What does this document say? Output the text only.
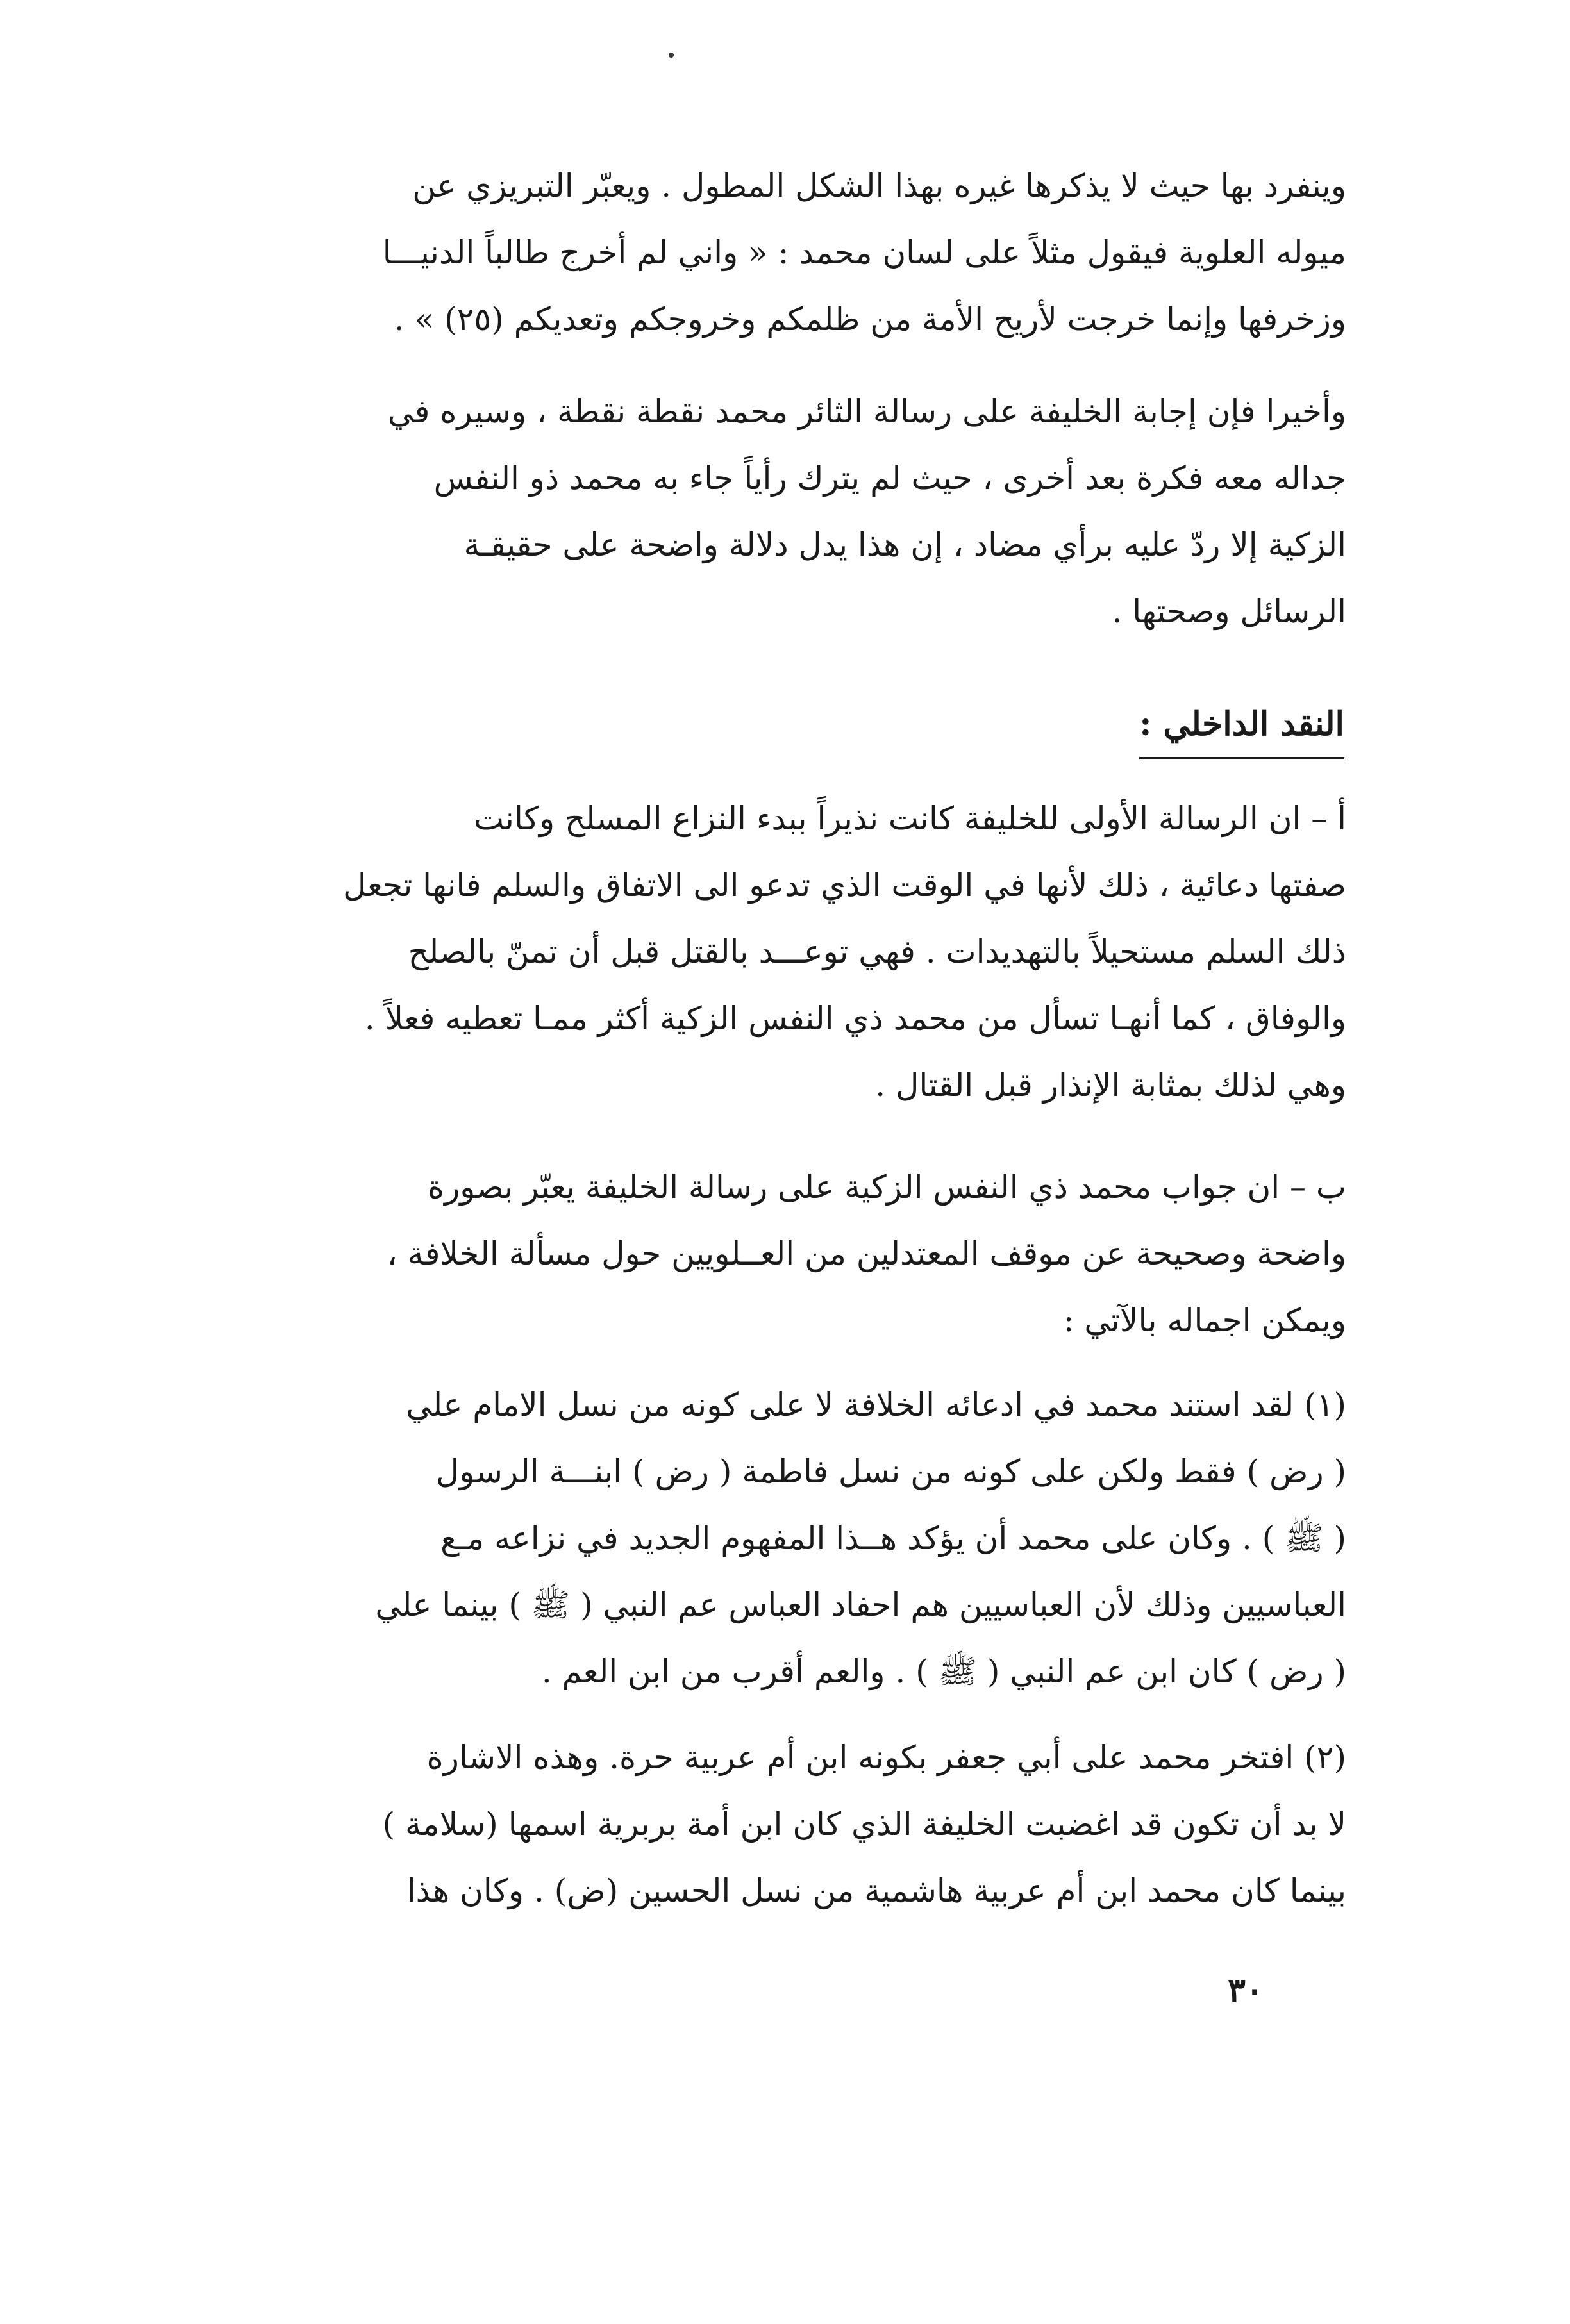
وينفرد بها حيث لا يذكرها غيره بهذا الشكل المطول . ويعبّر التبريزي عن

ميوله العلوية فيقول مثلاً على لسان محمد : « واني لم أخرج طالباً الدنيـــا

وزخرفها وإنما خرجت لأريح الأمة من ظلمكم وخروجكم وتعديكم (٢٥) » .

وأخيرا فإن إجابة الخليفة على رسالة الثائر محمد نقطة نقطة ، وسيره في

جداله معه فكرة بعد أخرى ، حيث لم يترك رأياً جاء به محمد ذو النفس

الزكية إلا ردّ عليه برأي مضاد ، إن هذا يدل دلالة واضحة على حقيقـة

الرسائل وصحتها .

النقد الداخلي :

أ – ان الرسالة الأولى للخليفة كانت نذيراً ببدء النزاع المسلح وكانت

صفتها دعائية ، ذلك لأنها في الوقت الذي تدعو الى الاتفاق والسلم فانها تجعل

ذلك السلم مستحيلاً بالتهديدات . فهي توعـــد بالقتل قبل أن تمنّ بالصلح

والوفاق ، كما أنهـا تسأل من محمد ذي النفس الزكية أكثر ممـا تعطيه فعلاً .

وهي لذلك بمثابة الإنذار قبل القتال .

ب – ان جواب محمد ذي النفس الزكية على رسالة الخليفة يعبّر بصورة

واضحة وصحيحة عن موقف المعتدلين من العــلويين حول مسألة الخلافة ،

ويمكن اجماله بالآتي :

(١) لقد استند محمد في ادعائه الخلافة لا على كونه من نسل الامام علي

( رض ) فقط ولكن على كونه من نسل فاطمة ( رض ) ابنـــة الرسول

( ﷺ ) . وكان على محمد أن يؤكد هــذا المفهوم الجديد في نزاعه مـع

العباسيين وذلك لأن العباسيين هم احفاد العباس عم النبي ( ﷺ ) بينما علي

( رض ) كان ابن عم النبي ( ﷺ ) . والعم أقرب من ابن العم .

(٢) افتخر محمد على أبي جعفر بكونه ابن أم عربية حرة. وهذه الاشارة

لا بد أن تكون قد اغضبت الخليفة الذي كان ابن أمة بربرية اسمها (سلامة )

بينما كان محمد ابن أم عربية هاشمية من نسل الحسين (ض) . وكان هذا

٣٠
